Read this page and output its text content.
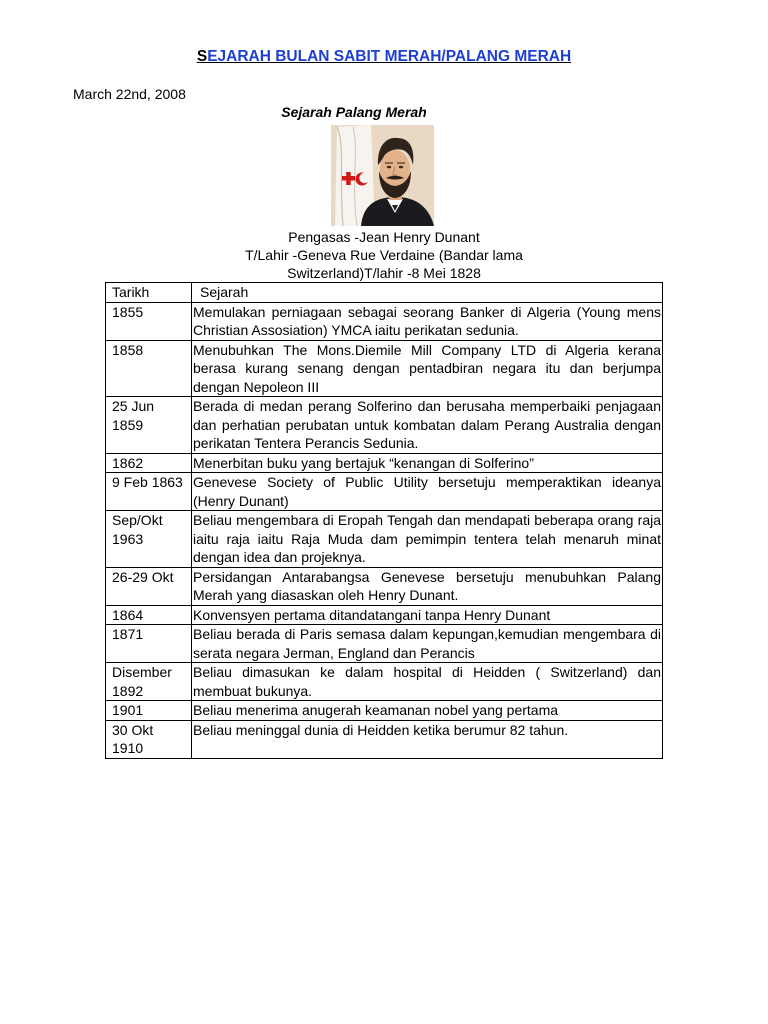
SEJARAH BULAN SABIT MERAH/PALANG MERAH
March 22nd, 2008
Sejarah Palang Merah
Pengasas -Jean Henry Dunant
T/Lahir -Geneva Rue Verdaine (Bandar lama
Switzerland)T/lahir -8 Mei 1828
Tarikh	Sejarah
1855	Memulakan perniagaan sebagai seorang Banker di Algeria (Young mens Christian Assosiation) YMCA iaitu perikatan sedunia.
1858	Menubuhkan The Mons.Diemile Mill Company LTD di Algeria kerana berasa kurang senang dengan pentadbiran negara itu dan berjumpa dengan Nepoleon III
25 Jun 1859	Berada di medan perang Solferino dan berusaha memperbaiki penjagaan dan perhatian perubatan untuk kombatan dalam Perang Australia dengan perikatan Tentera Perancis Sedunia.
1862	Menerbitan buku yang bertajuk “kenangan di Solferino”
9 Feb 1863	Genevese Society of Public Utility bersetuju memperaktikan ideanya (Henry Dunant)
Sep/Okt 1963	Beliau mengembara di Eropah Tengah dan mendapati beberapa orang raja iaitu raja iaitu Raja Muda dam pemimpin tentera telah menaruh minat dengan idea dan projeknya.
26-29 Okt	Persidangan Antarabangsa Genevese bersetuju menubuhkan Palang Merah yang diasaskan oleh Henry Dunant.
1864	Konvensyen pertama ditandatangani tanpa Henry Dunant
1871	Beliau berada di Paris semasa dalam kepungan,kemudian mengembara di serata negara Jerman, England dan Perancis
Disember 1892	Beliau dimasukan ke dalam hospital di Heidden ( Switzerland) dan membuat bukunya.
1901	Beliau menerima anugerah keamanan nobel yang pertama
30 Okt 1910	Beliau meninggal dunia di Heidden ketika berumur 82 tahun.
